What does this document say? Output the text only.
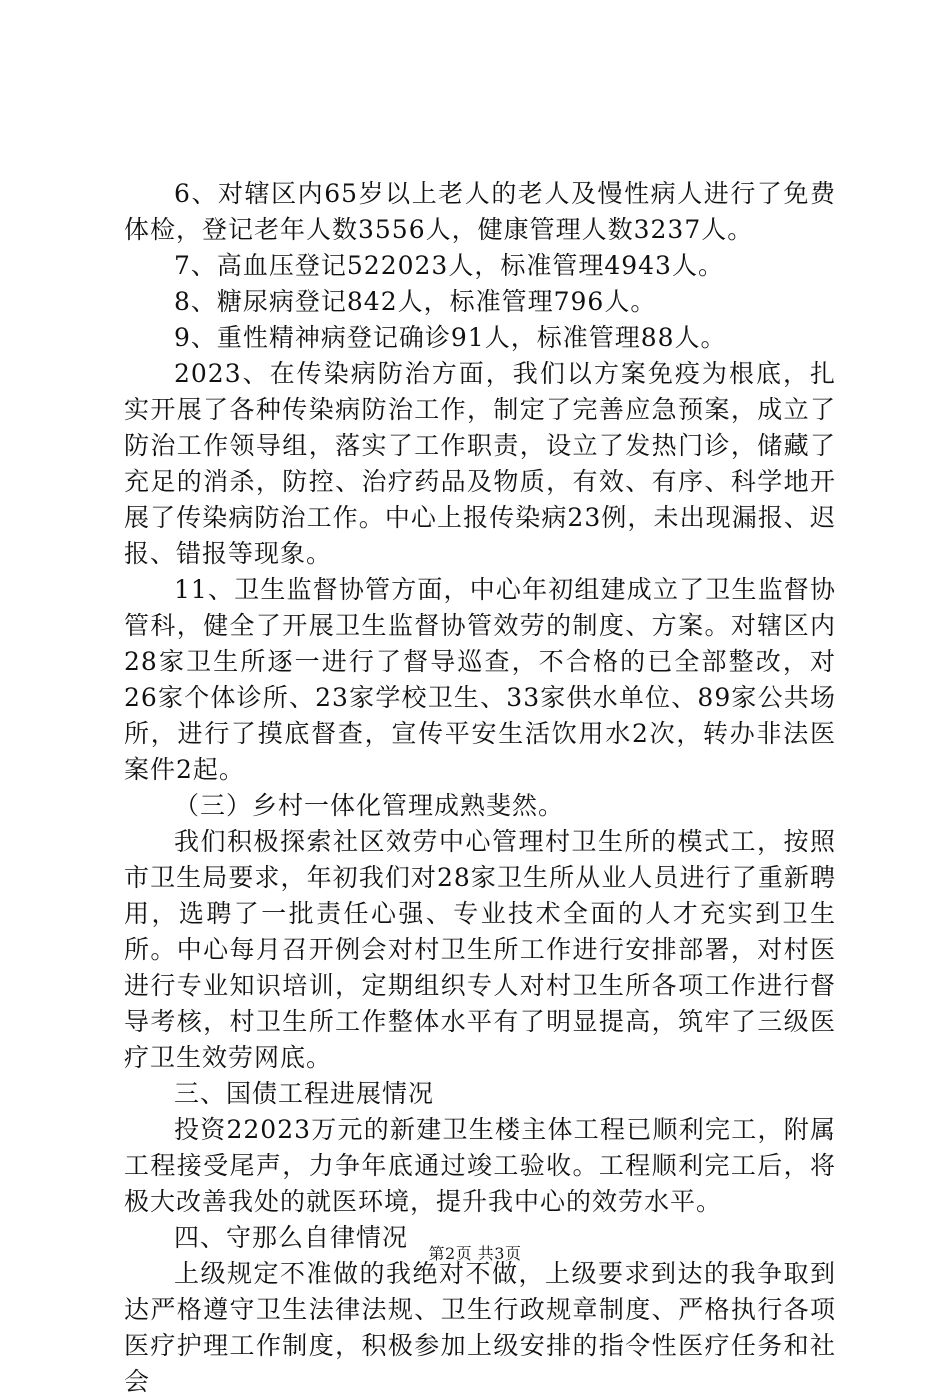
6、对辖区内65岁以上老人的老人及慢性病人进行了免费体检，登记老年人数3556人，健康管理人数3237人。

7、高血压登记522023人，标准管理4943人。

8、糖尿病登记842人，标准管理796人。

9、重性精神病登记确诊91人，标准管理88人。

2023、在传染病防治方面，我们以方案免疫为根底，扎实开展了各种传染病防治工作，制定了完善应急预案，成立了防治工作领导组，落实了工作职责，设立了发热门诊，储藏了充足的消杀，防控、治疗药品及物质，有效、有序、科学地开展了传染病防治工作。中心上报传染病23例，未出现漏报、迟报、错报等现象。

11、卫生监督协管方面，中心年初组建成立了卫生监督协管科，健全了开展卫生监督协管效劳的制度、方案。对辖区内28家卫生所逐一进行了督导巡查，不合格的已全部整改，对26家个体诊所、23家学校卫生、33家供水单位、89家公共场所，进行了摸底督查，宣传平安生活饮用水2次，转办非法医案件2起。

（三）乡村一体化管理成熟斐然。

我们积极探索社区效劳中心管理村卫生所的模式工，按照市卫生局要求，年初我们对28家卫生所从业人员进行了重新聘用，选聘了一批责任心强、专业技术全面的人才充实到卫生所。中心每月召开例会对村卫生所工作进行安排部署，对村医进行专业知识培训，定期组织专人对村卫生所各项工作进行督导考核，村卫生所工作整体水平有了明显提高，筑牢了三级医疗卫生效劳网底。

三、国债工程进展情况

投资22023万元的新建卫生楼主体工程已顺利完工，附属工程接受尾声，力争年底通过竣工验收。工程顺利完工后，将极大改善我处的就医环境，提升我中心的效劳水平。

四、守那么自律情况

上级规定不准做的我绝对不做，上级要求到达的我争取到达严格遵守卫生法律法规、卫生行政规章制度、严格执行各项医疗护理工作制度，积极参加上级安排的指令性医疗任务和社会

第2页 共3页
